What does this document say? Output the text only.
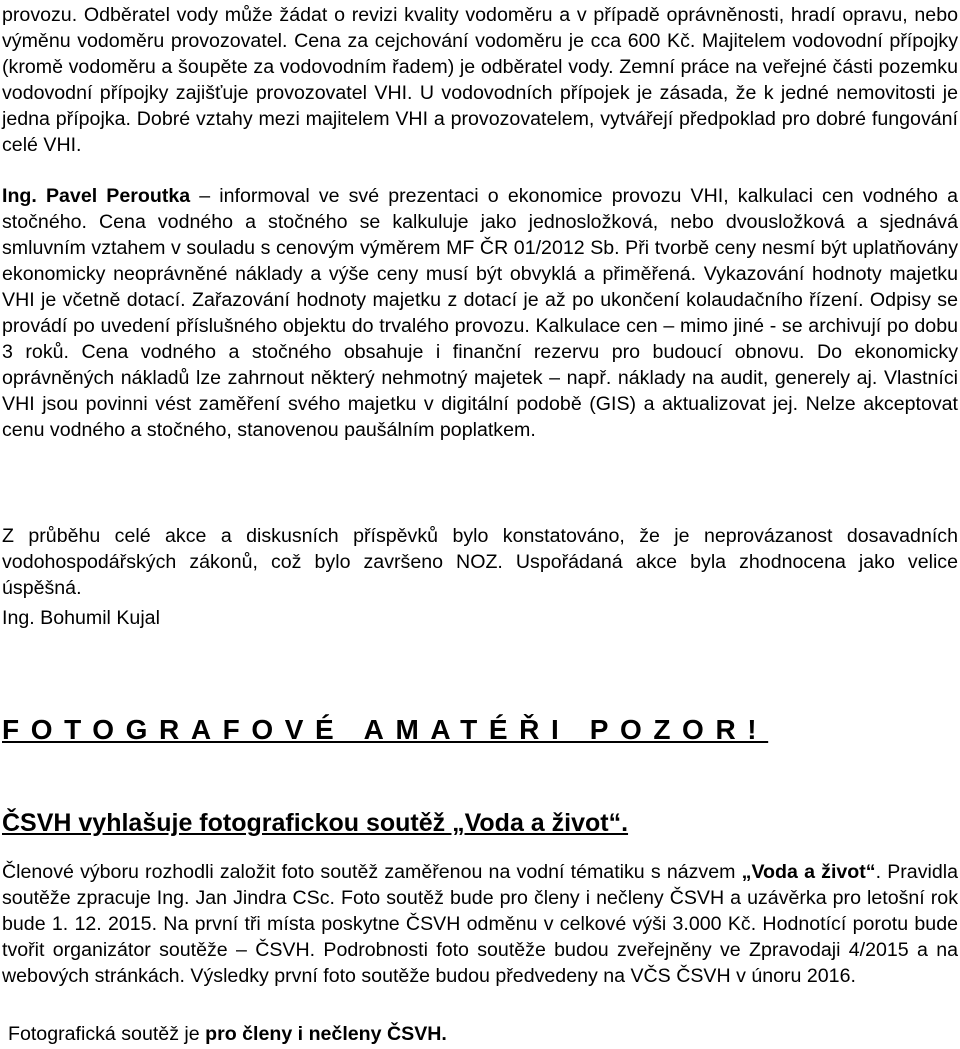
provozu. Odběratel vody může žádat o revizi kvality vodoměru a v případě oprávněnosti, hradí opravu, nebo výměnu vodoměru provozovatel. Cena za cejchování vodoměru je cca 600 Kč. Majitelem vodovodní přípojky (kromě vodoměru a šoupěte za vodovodním řadem) je odběratel vody. Zemní práce na veřejné části pozemku vodovodní přípojky zajišťuje provozovatel VHI. U vodovodních přípojek je zásada, že k jedné nemovitosti je jedna přípojka. Dobré vztahy mezi majitelem VHI a provozovatelem, vytvářejí předpoklad pro dobré fungování celé VHI.
Ing. Pavel Peroutka – informoval ve své prezentaci o ekonomice provozu VHI, kalkulaci cen vodného a stočného. Cena vodného a stočného se kalkuluje jako jednosložková, nebo dvousložková a sjednává smluvním vztahem v souladu s cenovým výměrem MF ČR 01/2012 Sb. Při tvorbě ceny nesmí být uplatňovány ekonomicky neoprávněné náklady a výše ceny musí být obvyklá a přiměřená. Vykazování hodnoty majetku VHI je včetně dotací. Zařazování hodnoty majetku z dotací je až po ukončení kolaudačního řízení. Odpisy se provádí po uvedení příslušného objektu do trvalého provozu. Kalkulace cen – mimo jiné - se archivují po dobu 3 roků. Cena vodného a stočného obsahuje i finanční rezervu pro budoucí obnovu. Do ekonomicky oprávněných nákladů lze zahrnout některý nehmotný majetek – např. náklady na audit, generely aj. Vlastníci VHI jsou povinni vést zaměření svého majetku v digitální podobě (GIS) a aktualizovat jej. Nelze akceptovat cenu vodného a stočného, stanovenou paušálním poplatkem.
Z průběhu celé akce a diskusních příspěvků bylo konstatováno, že je neprovázanost dosavadních vodohospodářských zákonů, což bylo završeno NOZ. Uspořádaná akce byla zhodnocena jako velice úspěšná.
Ing. Bohumil Kujal
FOTOGRAFOVÉ AMATÉŘI POZOR!
ČSVH vyhlašuje fotografickou soutěž „Voda a život“.
Členové výboru rozhodli založit foto soutěž zaměřenou na vodní tématiku s názvem „Voda a život“. Pravidla soutěže zpracuje Ing. Jan Jindra CSc. Foto soutěž bude pro členy i nečleny ČSVH a uzávěrka pro letošní rok bude 1. 12. 2015. Na první tři místa poskytne ČSVH odměnu v celkové výši 3.000 Kč. Hodnotící porotu bude tvořit organizátor soutěže – ČSVH. Podrobnosti foto soutěže budou zveřejněny ve Zpravodaji 4/2015 a na webových stránkách. Výsledky první foto soutěže budou předvedeny na VČS ČSVH v únoru 2016.
Fotografická soutěž je pro členy i nečleny ČSVH.
